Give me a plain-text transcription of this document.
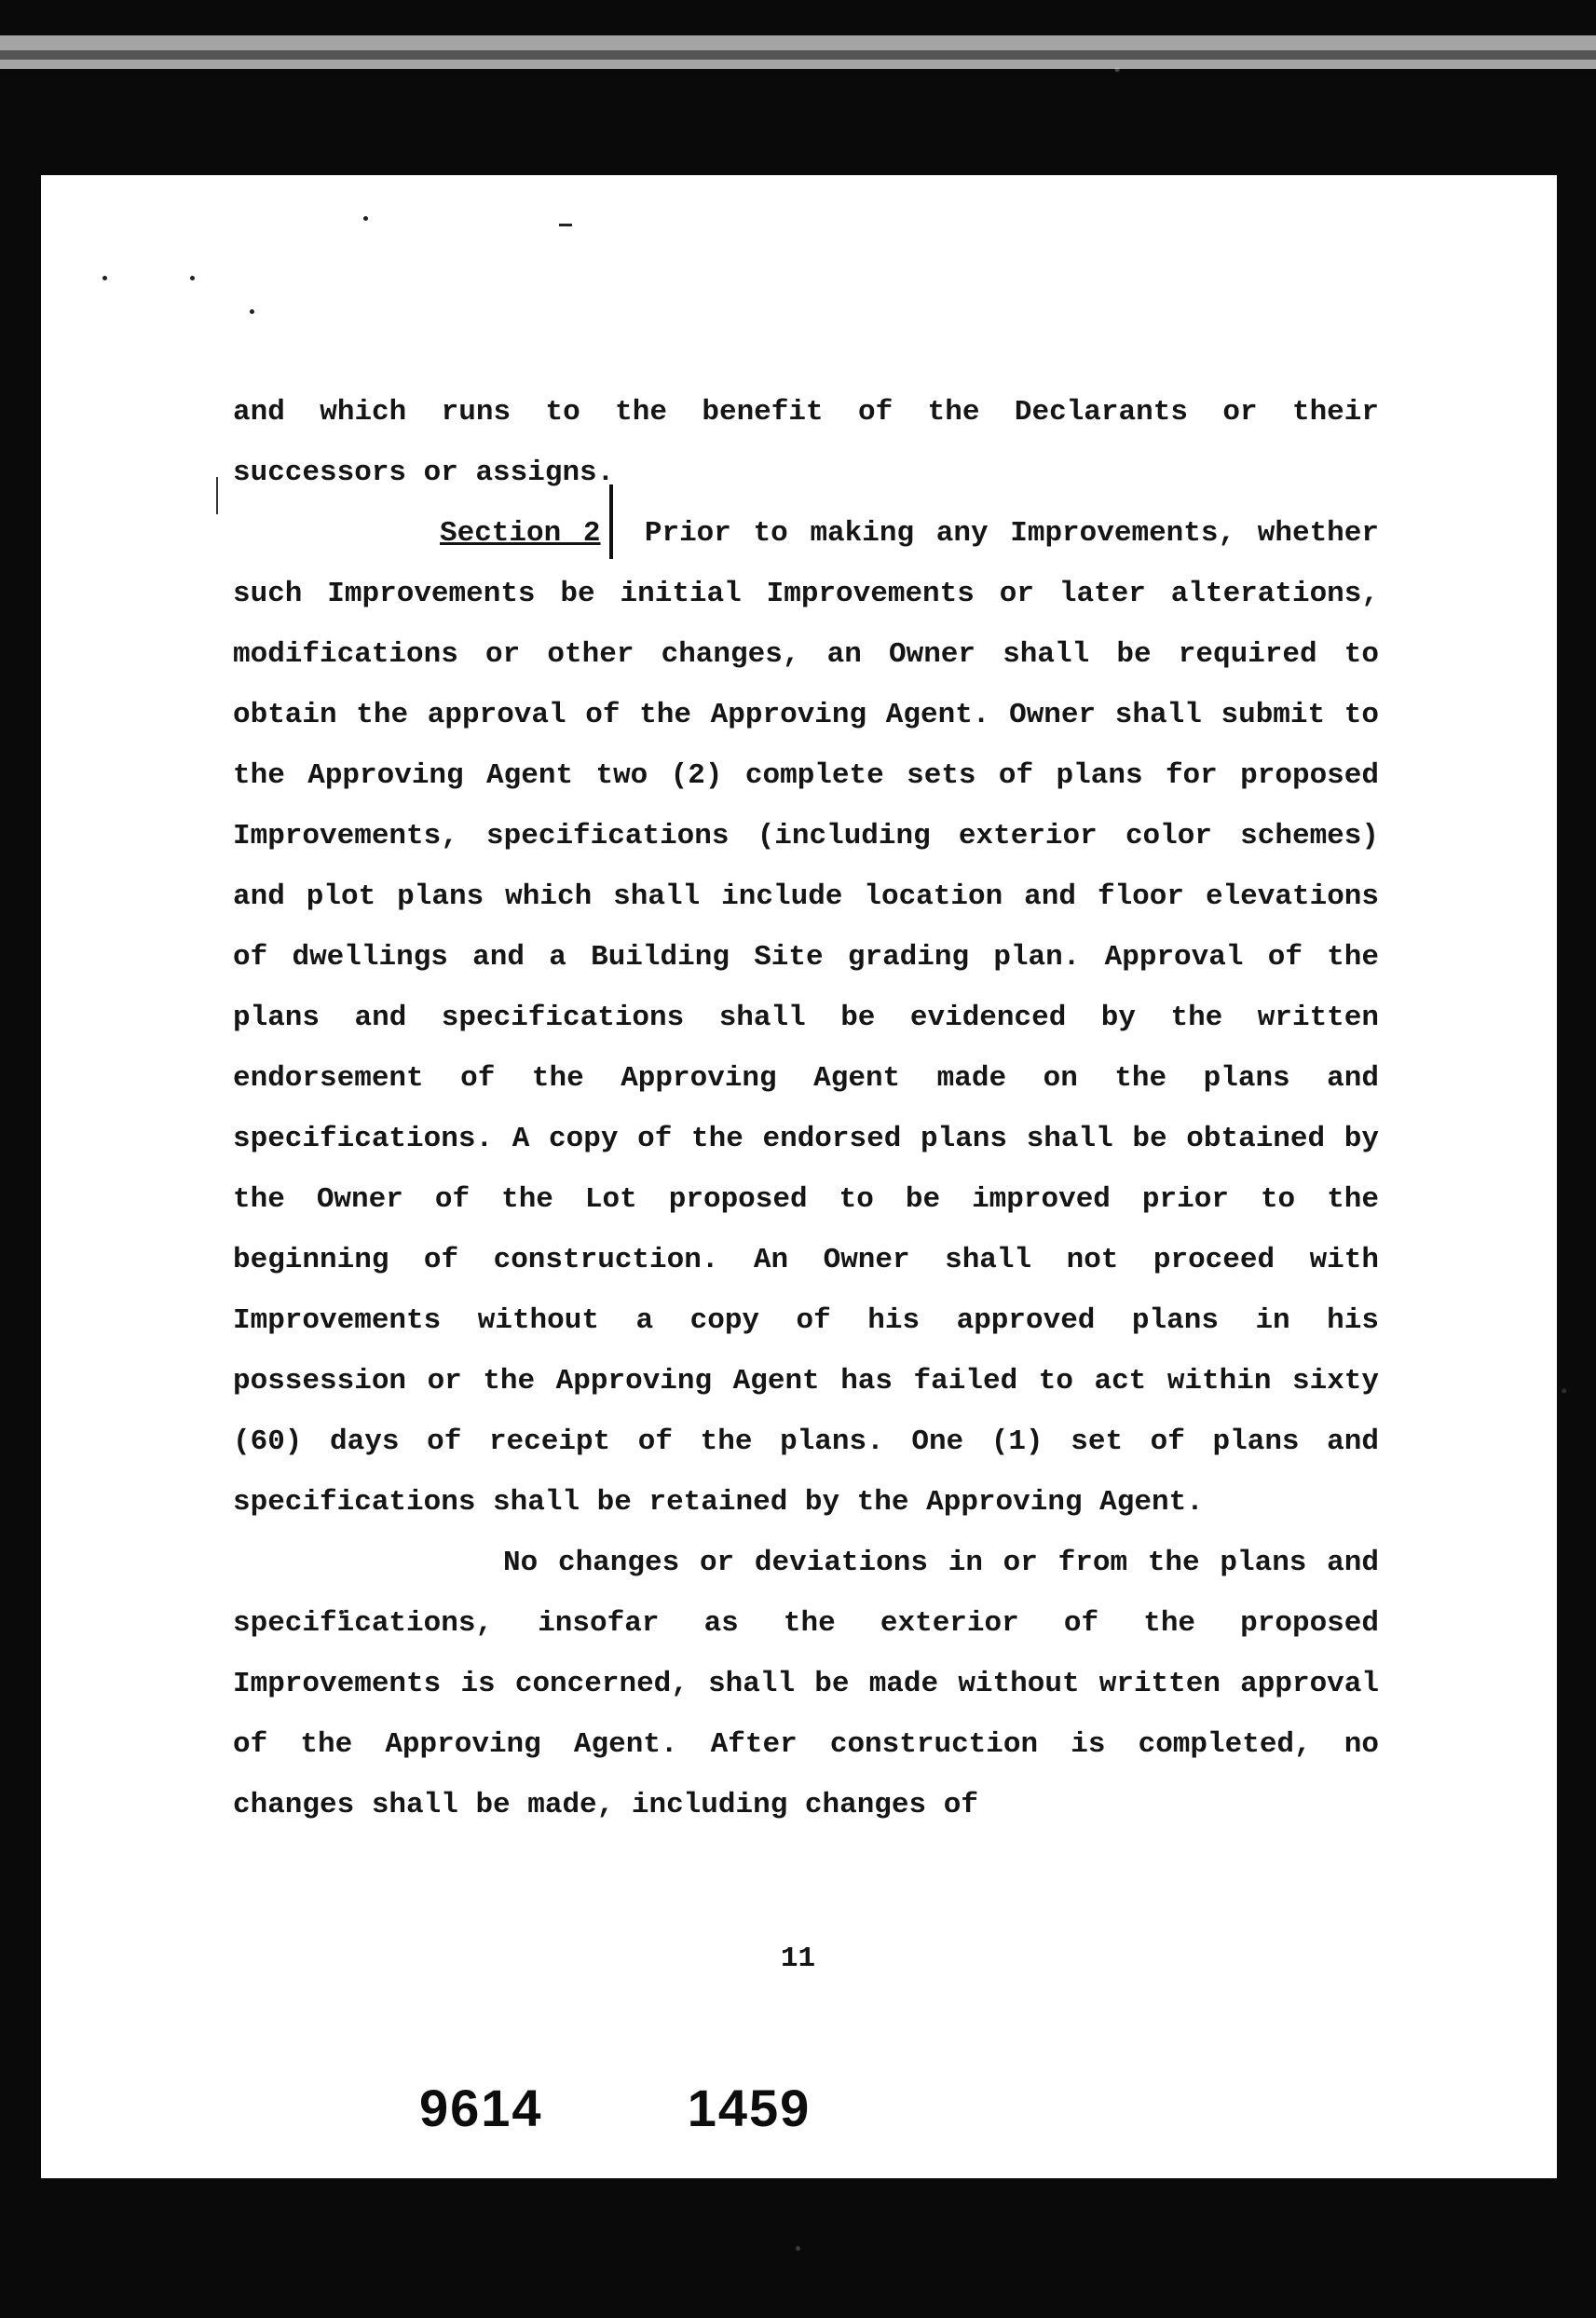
and which runs to the benefit of the Declarants or their successors or assigns.

Section 2 Prior to making any Improvements, whether such Improvements be initial Improvements or later alterations, modifications or other changes, an Owner shall be required to obtain the approval of the Approving Agent. Owner shall submit to the Approving Agent two (2) complete sets of plans for proposed Improvements, specifications (including exterior color schemes) and plot plans which shall include location and floor elevations of dwellings and a Building Site grading plan. Approval of the plans and specifications shall be evidenced by the written endorsement of the Approving Agent made on the plans and specifications. A copy of the endorsed plans shall be obtained by the Owner of the Lot proposed to be improved prior to the beginning of construction. An Owner shall not proceed with Improvements without a copy of his approved plans in his possession or the Approving Agent has failed to act within sixty (60) days of receipt of the plans. One (1) set of plans and specifications shall be retained by the Approving Agent.

No changes or deviations in or from the plans and specifications, insofar as the exterior of the proposed Improvements is concerned, shall be made without written approval of the Approving Agent. After construction is completed, no changes shall be made, including changes of

11
9614  1459
